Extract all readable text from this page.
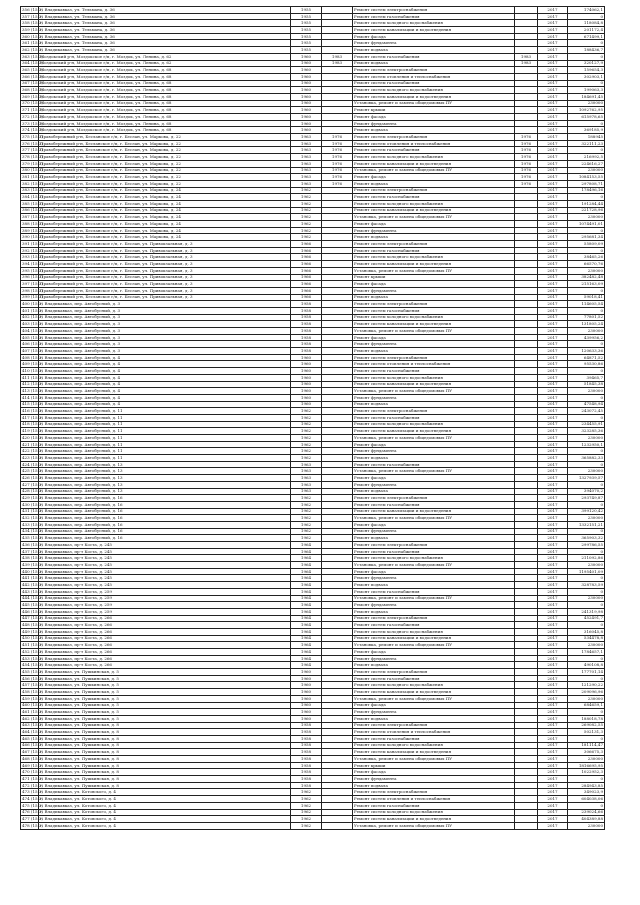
356 (15.3)	г. Владикавказ, ул. Тельмана, д. 36	1955		Ремонт систем электроснабжения		2017	174062,1
357 (15.3)	г. Владикавказ, ул. Тельмана, д. 36	1955		Ремонт систем газоснабжения		2017	0
358 (15.3)	г. Владикавказ, ул. Тельмана, д. 36	1955		Ремонт систем холодного водоснабжения		2017	118084,8
359 (15.3)	г. Владикавказ, ул. Тельмана, д. 36	1955		Ремонт систем канализации и водоотведения		2017	201172,4
360 (15.3)	г. Владикавказ, ул. Тельмана, д. 36	1955		Ремонт фасада		2017	671499,1
361 (15.3)	г. Владикавказ, ул. Тельмана, д. 36	1955		Ремонт фундамента		2017	0
362 (15.3)	г. Владикавказ, ул. Тельмана, д. 36	1955		Ремонт подвала		2017	188436,7
363 (15.3)	Моздокский р-н, Моздокское г/п, г. Моздок, ул. Ленина, д. 62	1960	1983	Ремонт систем газоснабжения	1983	2017	0
364 (15.3)	Моздокский р-н, Моздокское г/п, г. Моздок, ул. Ленина, д. 62	1960	1983	Ремонт подвала	1983	2017	320127,9
365 (15.3)	Моздокский р-н, Моздокское г/п, г. Моздок, ул. Ленина, д. 68	1960		Ремонт систем электроснабжения		2017	159654,3
366 (15.3)	Моздокский р-н, Моздокское г/п, г. Моздок, ул. Ленина, д. 68	1960		Ремонт систем отопления и теплоснабжения		2017	302903,1
367 (15.3)	Моздокский р-н, Моздокское г/п, г. Моздок, ул. Ленина, д. 68	1960		Ремонт систем газоснабжения		2017	0
368 (15.3)	Моздокский р-н, Моздокское г/п, г. Моздок, ул. Ленина, д. 68	1960		Ремонт систем холодного водоснабжения		2017	199063,3
369 (15.3)	Моздокский р-н, Моздокское г/п, г. Моздок, ул. Ленина, д. 68	1960		Ремонт систем канализации и водоотведения		2017	184691,45
370 (15.3)	Моздокский р-н, Моздокское г/п, г. Моздок, ул. Ленина, д. 68	1960		Установка, ремонт и замена общедомовых ПУ		2017	230000
371 (15.3)	Моздокский р-н, Моздокское г/п, г. Моздок, ул. Ленина, д. 68	1960		Ремонт крыши		2017	1092762,95
372 (15.3)	Моздокский р-н, Моздокское г/п, г. Моздок, ул. Ленина, д. 68	1960		Ремонт фасада		2017	615978,65
373 (15.3)	Моздокский р-н, Моздокское г/п, г. Моздок, ул. Ленина, д. 68	1960		Ремонт фундамента		2017	0
374 (15.3)	Моздокский р-н, Моздокское г/п, г. Моздок, ул. Ленина, д. 68	1960		Ремонт подвала		2017	369185,9
375 (15.3)	Правобережный р-н, Бесланское г/п, г. Беслан, ул. Маркова, д. 22	1963	1976	Ремонт систем электроснабжения	1976	2017	188945
376 (15.3)	Правобережный р-н, Бесланское г/п, г. Беслан, ул. Маркова, д. 22	1963	1976	Ремонт систем отопления и теплоснабжения	1976	2017	322111,23
377 (15.3)	Правобережный р-н, Бесланское г/п, г. Беслан, ул. Маркова, д. 22	1963	1976	Ремонт систем газоснабжения	1976	2017	0
378 (15.3)	Правобережный р-н, Бесланское г/п, г. Беслан, ул. Маркова, д. 22	1963	1976	Ремонт систем холодного водоснабжения	1976	2017	216992,5
379 (15.3)	Правобережный р-н, Бесланское г/п, г. Беслан, ул. Маркова, д. 22	1963	1976	Ремонт систем канализации и водоотведения	1976	2017	224616,27
380 (15.3)	Правобережный р-н, Бесланское г/п, г. Беслан, ул. Маркова, д. 22	1963	1976	Установка, ремонт и замена общедомовых ПУ	1976	2017	230000
381 (15.3)	Правобережный р-н, Бесланское г/п, г. Беслан, ул. Маркова, д. 22	1963	1976	Ремонт фасада	1976	2017	1084153,55
382 (15.3)	Правобережный р-н, Бесланское г/п, г. Беслан, ул. Маркова, д. 22	1963	1976	Ремонт подвала	1976	2017	297808,71
383 (15.3)	Правобережный р-н, Бесланское г/п, г. Беслан, ул. Маркова, д. 24	1962		Ремонт систем электроснабжения		2017	178496,16
384 (15.3)	Правобережный р-н, Бесланское г/п, г. Беслан, ул. Маркова, д. 24	1962		Ремонт систем газоснабжения		2017	0
385 (15.3)	Правобережный р-н, Бесланское г/п, г. Беслан, ул. Маркова, д. 24	1962		Ремонт систем холодного водоснабжения		2017	191284,44
386 (15.3)	Правобережный р-н, Бесланское г/п, г. Беслан, ул. Маркова, д. 24	1962		Ремонт систем канализации и водоотведения		2017	221728,96
387 (15.3)	Правобережный р-н, Бесланское г/п, г. Беслан, ул. Маркова, д. 24	1962		Установка, ремонт и замена общедомовых ПУ		2017	230000
388 (15.3)	Правобережный р-н, Бесланское г/п, г. Беслан, ул. Маркова, д. 24	1962		Ремонт фасада		2017	1074491,01
389 (15.3)	Правобережный р-н, Бесланское г/п, г. Беслан, ул. Маркова, д. 24	1962		Ремонт фундамента		2017	0
390 (15.3)	Правобережный р-н, Бесланское г/п, г. Беслан, ул. Маркова, д. 24	1962		Ремонт подвала		2017	295681,34
391 (15.3)	Правобережный р-н, Бесланское г/п, г. Беслан, ул. Привокзальная, д. 3	1966		Ремонт систем электроснабжения		2017	55809,09
392 (15.3)	Правобережный р-н, Бесланское г/п, г. Беслан, ул. Привокзальная, д. 3	1966		Ремонт систем газоснабжения		2017	0
393 (15.3)	Правобережный р-н, Бесланское г/п, г. Беслан, ул. Привокзальная, д. 3	1966		Ремонт систем холодного водоснабжения		2017	38465,26
394 (15.3)	Правобережный р-н, Бесланское г/п, г. Беслан, ул. Привокзальная, д. 3	1966		Ремонт систем канализации и водоотведения		2017	66570,76
395 (15.3)	Правобережный р-н, Бесланское г/п, г. Беслан, ул. Привокзальная, д. 3	1966		Установка, ремонт и замена общедомовых ПУ		2017	230000
396 (15.3)	Правобережный р-н, Бесланское г/п, г. Беслан, ул. Привокзальная, д. 3	1966		Ремонт крыши		2017	382482,48
397 (15.3)	Правобережный р-н, Бесланское г/п, г. Беслан, ул. Привокзальная, д. 3	1966		Ремонт фасада		2017	215163,09
398 (15.3)	Правобережный р-н, Бесланское г/п, г. Беслан, ул. Привокзальная, д. 3	1966		Ремонт фундамента		2017	0
399 (15.3)	Правобережный р-н, Бесланское г/п, г. Беслан, ул. Привокзальная, д. 3	1966		Ремонт подвала		2017	59018,41
400 (15.3)	г. Владикавказ, пер. Автобусный, д. 3	1958		Ремонт систем электроснабжения		2017	114605,54
401 (15.3)	г. Владикавказ, пер. Автобусный, д. 3	1958		Ремонт систем газоснабжения		2017	0
402 (15.3)	г. Владикавказ, пер. Автобусный, д. 3	1958		Ремонт систем холодного водоснабжения		2017	77801,52
403 (15.3)	г. Владикавказ, пер. Автобусный, д. 3	1958		Ремонт систем канализации и водоотведения		2017	131805,24
404 (15.3)	г. Владикавказ, пер. Автобусный, д. 3	1958		Установка, ремонт и замена общедомовых ПУ		2017	230000
405 (15.3)	г. Владикавказ, пер. Автобусный, д. 3	1958		Ремонт фасада		2017	439956,2
406 (15.3)	г. Владикавказ, пер. Автобусный, д. 3	1958		Ремонт фундамента		2017	0
407 (15.3)	г. Владикавказ, пер. Автобусный, д. 3	1958		Ремонт подвала		2017	120633,36
408 (15.3)	г. Владикавказ, пер. Автобусный, д. 4	1960		Ремонт систем электроснабжения		2017	64871,52
409 (15.3)	г. Владикавказ, пер. Автобусный, д. 4	1960		Ремонт систем отопления и теплоснабжения		2017	95530,86
410 (15.3)	г. Владикавказ, пер. Автобусный, д. 4	1960		Ремонт систем газоснабжения		2017	0
411 (15.3)	г. Владикавказ, пер. Автобусный, д. 4	1960		Ремонт систем холодного водоснабжения		2017	39465,7
412 (15.3)	г. Владикавказ, пер. Автобусный, д. 4	1960		Ремонт систем канализации и водоотведения		2017	51845,38
413 (15.3)	г. Владикавказ, пер. Автобусный, д. 4	1960		Установка, ремонт и замена общедомовых ПУ		2017	230000
414 (15.3)	г. Владикавказ, пер. Автобусный, д. 4	1960		Ремонт фундамента		2017	0
415 (15.3)	г. Владикавказ, пер. Автобусный, д. 4	1960		Ремонт подвала		2017	47548,94
416 (15.3)	г. Владикавказ, пер. Автобусный, д. 11	1962		Ремонт систем электроснабжения		2017	243072,45
417 (15.3)	г. Владикавказ, пер. Автобусный, д. 11	1962		Ремонт систем газоснабжения		2017	0
418 (15.3)	г. Владикавказ, пер. Автобусный, д. 11	1962		Ремонт систем холодного водоснабжения		2017	234455,91
419 (15.3)	г. Владикавказ, пер. Автобусный, д. 11	1962		Ремонт систем канализации и водоотведения		2017	323285,36
420 (15.3)	г. Владикавказ, пер. Автобусный, д. 11	1962		Установка, ремонт и замена общедомовых ПУ		2017	230000
421 (15.3)	г. Владикавказ, пер. Автобусный, д. 11	1962		Ремонт фасада		2017	1232950,1
422 (15.3)	г. Владикавказ, пер. Автобусный, д. 11	1962		Ремонт фундамента		2017	0
423 (15.3)	г. Владикавказ, пер. Автобусный, д. 11	1962		Ремонт подвала		2017	365882,33
424 (15.3)	г. Владикавказ, пер. Автобусный, д. 13	1963		Ремонт систем газоснабжения		2017	0
425 (15.3)	г. Владикавказ, пер. Автобусный, д. 13	1963		Установка, ремонт и замена общедомовых ПУ		2017	230000
426 (15.3)	г. Владикавказ, пер. Автобусный, д. 13	1963		Ремонт фасада		2017	1327939,57
427 (15.3)	г. Владикавказ, пер. Автобусный, д. 13	1963		Ремонт фундамента		2017	0
428 (15.3)	г. Владикавказ, пер. Автобусный, д. 13	1963		Ремонт подвала		2017	394070,2
429 (15.3)	г. Владикавказ, пер. Автобусный, д. 16	1962		Ремонт систем электроснабжения		2017	293749,87
430 (15.3)	г. Владикавказ, пер. Автобусный, д. 16	1962		Ремонт систем газоснабжения		2017	0
431 (15.3)	г. Владикавказ, пер. Автобусный, д. 16	1962		Ремонт систем канализации и водоотведения		2017	399120,42
432 (15.3)	г. Владикавказ, пер. Автобусный, д. 16	1962		Установка, ремонт и замена общедомовых ПУ		2017	230000
433 (15.3)	г. Владикавказ, пер. Автобусный, д. 16	1962		Ремонт фасада		2017	1332151,21
434 (15.3)	г. Владикавказ, пер. Автобусный, д. 16	1962		Ремонт фундамента		2017	0
435 (15.3)	г. Владикавказ, пер. Автобусный, д. 16	1962		Ремонт подвала		2017	365903,32
436 (15.3)	г. Владикавказ, пр-т Коста, д. 245	1964		Ремонт систем электроснабжения		2017	299786,55
437 (15.3)	г. Владикавказ, пр-т Коста, д. 245	1964		Ремонт систем газоснабжения		2017	0
438 (15.3)	г. Владикавказ, пр-т Коста, д. 245	1964		Ремонт систем холодного водоснабжения		2017	211092,86
439 (15.3)	г. Владикавказ, пр-т Коста, д. 245	1964		Установка, ремонт и замена общедомовых ПУ		2017	230000
440 (15.3)	г. Владикавказ, пр-т Коста, д. 245	1964		Ремонт фасада		2017	1195401,09
441 (15.3)	г. Владикавказ, пр-т Коста, д. 245	1964		Ремонт фундамента		2017	0
442 (15.3)	г. Владикавказ, пр-т Коста, д. 245	1964		Ремонт подвала		2017	328783,59
443 (15.3)	г. Владикавказ, пр-т Коста, д. 259	1964		Ремонт систем газоснабжения		2017	0
444 (15.3)	г. Владикавказ, пр-т Коста, д. 259	1964		Установка, ремонт и замена общедомовых ПУ		2017	230000
445 (15.3)	г. Владикавказ, пр-т Коста, д. 259	1964		Ремонт фундамента		2017	0
446 (15.3)	г. Владикавказ, пр-т Коста, д. 259	1964		Ремонт подвала		2017	241319,98
447 (15.3)	г. Владикавказ, пр-т Коста, д. 266	1964		Ремонт систем электроснабжения		2017	452491,7
448 (15.3)	г. Владикавказ, пр-т Коста, д. 266	1964		Ремонт систем газоснабжения		2017	0
449 (15.3)	г. Владикавказ, пр-т Коста, д. 266	1964		Ремонт систем холодного водоснабжения		2017	316045,8
450 (15.3)	г. Владикавказ, пр-т Коста, д. 266	1964		Ремонт систем канализации и водоотведения		2017	534478,8
451 (15.3)	г. Владикавказ, пр-т Коста, д. 266	1964		Установка, ремонт и замена общедомовых ПУ		2017	230000
452 (15.3)	г. Владикавказ, пр-т Коста, д. 266	1964		Ремонт фасада		2017	1784657,1
453 (15.3)	г. Владикавказ, пр-т Коста, д. 266	1964		Ремонт фундамента		2017	0
454 (15.3)	г. Владикавказ, пр-т Коста, д. 266	1964		Ремонт подвала		2017	490108,8
455 (15.3)	г. Владикавказ, ул. Пушкинская, д. 5	1960		Ремонт систем электроснабжения		2017	177701,14
456 (15.3)	г. Владикавказ, ул. Пушкинская, д. 5	1960		Ремонт систем газоснабжения		2017	0
457 (15.3)	г. Владикавказ, ул. Пушкинская, д. 5	1960		Ремонт систем холодного водоснабжения		2017	121290,22
458 (15.3)	г. Владикавказ, ул. Пушкинская, д. 5	1960		Ремонт систем канализации и водоотведения		2017	209096,96
459 (15.3)	г. Владикавказ, ул. Пушкинская, д. 5	1960		Установка, ремонт и замена общедомовых ПУ		2017	230000
460 (15.3)	г. Владикавказ, ул. Пушкинская, д. 5	1960		Ремонт фасада		2017	684659,1
461 (15.3)	г. Владикавказ, ул. Пушкинская, д. 5	1960		Ремонт фундамента		2017	0
462 (15.3)	г. Владикавказ, ул. Пушкинская, д. 5	1960		Ремонт подвала		2017	188018,78
463 (15.3)	г. Владикавказ, ул. Пушкинская, д. 8	1958		Ремонт систем электроснабжения		2017	269082,55
464 (15.3)	г. Владикавказ, ул. Пушкинская, д. 8	1958		Ремонт систем отопления и теплоснабжения		2017	502131,3
465 (15.3)	г. Владикавказ, ул. Пушкинская, д. 8	1958		Ремонт систем газоснабжения		2017	0
466 (15.3)	г. Владикавказ, ул. Пушкинская, д. 8	1958		Ремонт систем холодного водоснабжения		2017	181114,47
467 (15.3)	г. Владикавказ, ул. Пушкинская, д. 8	1958		Ремонт систем канализации и водоотведения		2017	306675,3
468 (15.3)	г. Владикавказ, ул. Пушкинская, д. 8	1958		Установка, ремонт и замена общедомовых ПУ		2017	230000
469 (15.3)	г. Владикавказ, ул. Пушкинская, д. 8	1958		Ремонт крыши		2017	1816695,95
470 (15.3)	г. Владикавказ, ул. Пушкинская, д. 8	1958		Ремонт фасада		2017	1022952,3
471 (15.3)	г. Владикавказ, ул. Пушкинская, д. 8	1958		Ремонт фундамента		2017	0
472 (15.3)	г. Владикавказ, ул. Пушкинская, д. 8	1958		Ремонт подвала		2017	284943,85
473 (15.3)	г. Владикавказ, ул. Котовского, д. 4	1962		Ремонт систем электроснабжения		2017	349023,9
474 (15.3)	г. Владикавказ, ул. Котовского, д. 4	1962		Ремонт систем отопления и теплоснабжения		2017	604038,06
475 (15.3)	г. Владикавказ, ул. Котовского, д. 4	1962		Ремонт систем газоснабжения		2017	0
476 (15.3)	г. Владикавказ, ул. Котовского, д. 4	1962		Ремонт систем холодного водоснабжения		2017	239024,66
477 (15.3)	г. Владикавказ, ул. Котовского, д. 4	1962		Ремонт систем канализации и водоотведения		2017	404389,88
478 (15.3)	г. Владикавказ, ул. Котовского, д. 4	1962		Установка, ремонт и замена общедомовых ПУ		2017	230000
